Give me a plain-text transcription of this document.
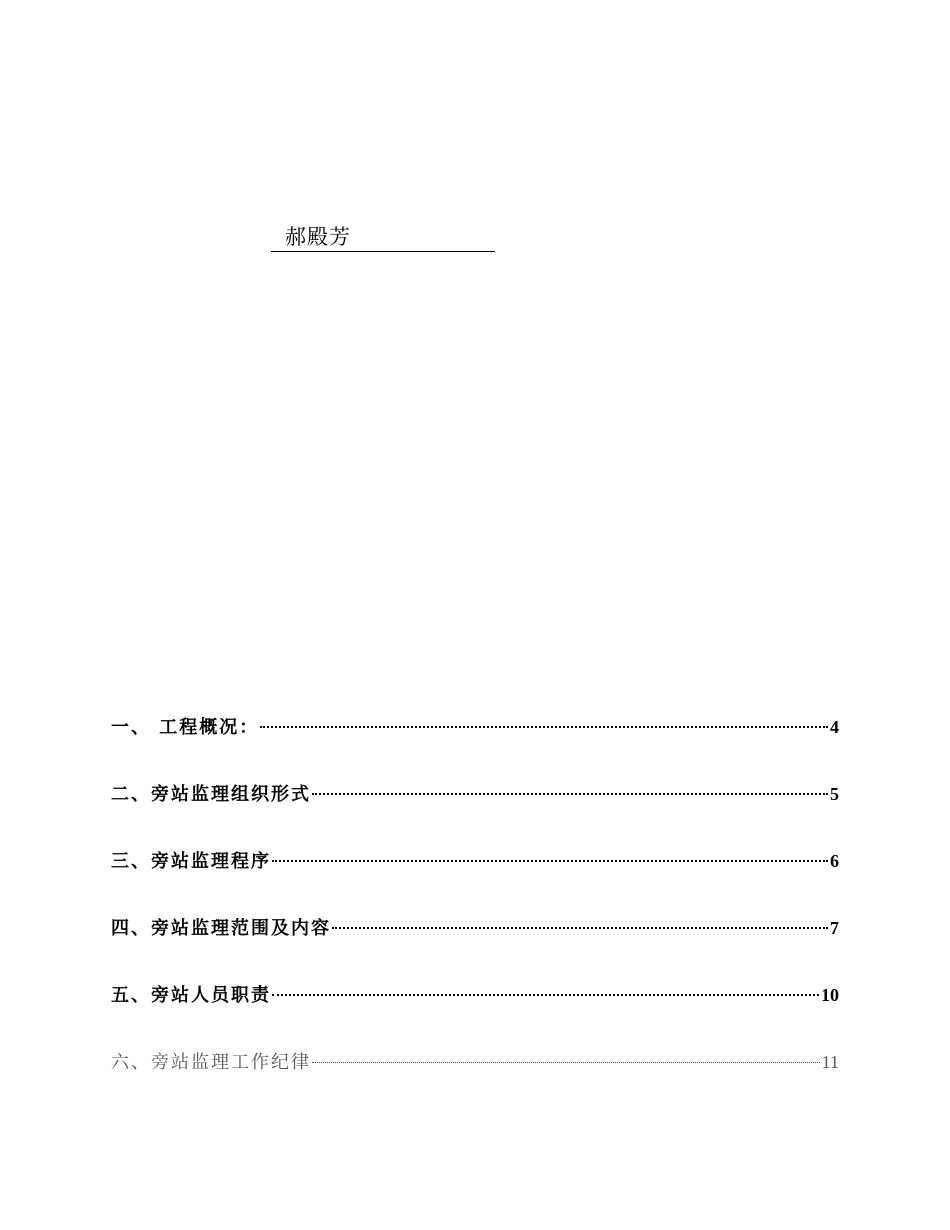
郝殿芳
一、 工程概况：	4
二、旁站监理组织形式	5
三、旁站监理程序	6
四、旁站监理范围及内容	7
五、旁站人员职责	10
六、旁站监理工作纪律	11
